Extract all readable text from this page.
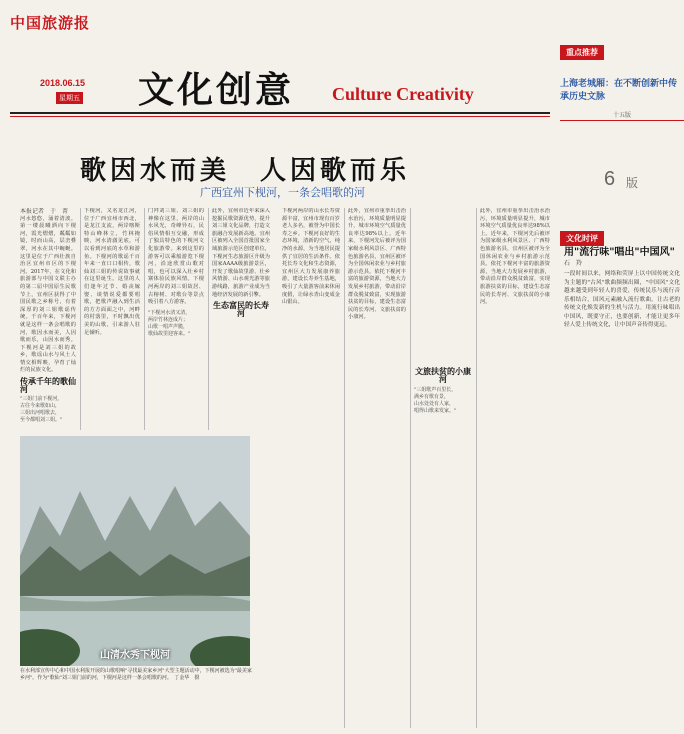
中国旅游报
2018.06.15
星期五 文化创意 Culture Creativity
6 版
歌因水而美　人因歌而乐
广西宜州下枧河，一条会唱歌的河
本报记者　于　菁
河水悠悠，涌着清波。第一缕晨曦洒向下枧河，霞光熠熠，粼粼如镜，时而山高，层峦叠翠，河水在其中蜿蜒。这里是位于广西壮族自治区宜州市区的下枧河。2017年，在文化和旅游部与中国文联主办的第二届中国原生民歌节上，宜州区获得了中国民歌之乡称号，有着深厚的刘三姐歌谣传统。千百年来，下枧河就是这样一条会唱歌的河，歌因水而美，人因歌而乐，山因水而秀。下枧河是刘三姐的故乡，歌谣山水与风土人情交相辉映，孕育了灿烂的民族文化。
传承千年的歌仙河
"三姐门前下枧河，
古往今来歌如山，
三姐出河唱歌去，
至今都唱刘三姐。"
下枧河，又名龙江河，位于广西宜州市西北，是龙江支流，两岸喀斯特山峰林立，竹林掩映，河水清澈见底，可以看到河底的水草和游鱼。下枧河的歌谣千百年来一直口口相传，歌仙刘三姐的传说故事就在这里诞生。这里的人们逢年过节、婚丧嫁娶、谈情说爱都要唱歌，把歌声融入到生活的方方面面之中，河畔的村落里，不时飘出优美的山歌，引来游人驻足倾听。
门拜刘三姐、刘三姐的神像在这里，两岸的山水风光，奇峰异石，民俗风情相互交融，形成了独具特色的下枧河文化旅游带。来到这里的游客可以乘船游览下枧河，沿途欣赏山歌对唱，也可以深入壮乡村寨体验民族风情。下枧河两岸的刘三姐故居、古榕树、对歌台等景点吸引着八方游客。
"下枧河水清又清，
两岸竹林连成片；
山歌一唱声声脆，
歌仙故里迎客来。"
此外，宜州市近年来深入挖掘民歌资源优势，提升刘三姐文化品牌，打造文旅融合发展新高地。宜州区被列入全国首批国家全域旅游示范区创建单位，下枧河生态旅游区升级为国家AAAA级旅游景区，开发了歌仙故里游、壮乡风情游、山水观光游等旅游线路，旅游产业成为当地经济发展的新引擎。
生态富民的长寿河
下枧河两岸的山水长寿资源丰富，宜州市现有百岁老人多名，被誉为中国长寿之乡。下枧河良好的生态环境，清新的空气，纯净的水源，为当地居民提供了宜居的生活条件。依托长寿文化和生态资源，宜州区大力发展康养旅游，建设长寿养生基地，吸引了大量游客前来休闲度假，让绿水青山变成金山银山。
此外，宜州市重拳出击治水治污，环境质量明显提升，城市环境空气质量优良率达98%以上。近年来，下枧河先后被评为国家级水利风景区、广西特色旅游名县，宜州区被评为全国休闲农业与乡村旅游示范县。依托下枧河丰富的旅游资源，当地大力发展乡村旅游，带动沿岸群众脱贫致富，实现旅游扶贫的目标，建设生态富民的长寿河、文旅扶贫的小康河。
文旅扶贫的小康河
"三姐歌声百里长，
满乡有歌有景，
山水处处有人家，
唱得山歌来发家。"
此外，宜州市重拳出击治水治污，环境质量明显提升，城市环境空气质量优良率达98%以上。近年来，下枧河先后被评为国家级水利风景区、广西特色旅游名县，宜州区被评为全国休闲农业与乡村旅游示范县。依托下枧河丰富的旅游资源，当地大力发展乡村旅游，带动沿岸群众脱贫致富，实现旅游扶贫的目标，建设生态富民的长寿河、文旅扶贫的小康河。
山清水秀下枧河
在水利部宣传中心和中国水利报开展的山歌唱响"寻找最美家乡河"大型主题活动中，下枧河被选为"最美家乡河"。作为"歌仙"刘三姐门前的河，下枧河是这样一条会唱歌的河。　丁金华　摄
重点推荐
上海老城厢：在不断创新中传承历史文脉
十五版
文化时评
用"流行味"唱出"中国风"
石　羚
一段时间以来，网络和荧屏上以中国传统文化为主题的"古风"歌曲频频出圈，"中国风"文化越来越受到年轻人的喜爱，传统民乐与流行音乐相结合，国风元素融入流行歌曲，让古老的传统文化焕发新的生机与活力。用流行味唱出中国风，既要守正，也要创新，才能让更多年轻人爱上传统文化，让中国声音传得更远。
